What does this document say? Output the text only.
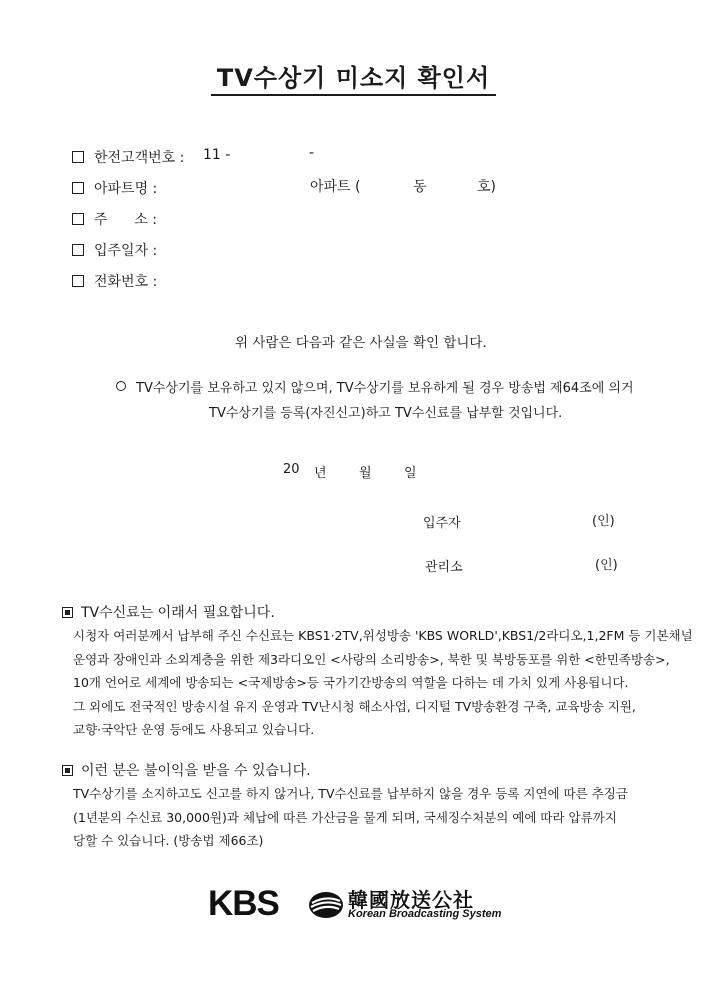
TV수상기 미소지 확인서
한전고객번호 : 11 -	-
아파트명 :	아파트 (	동	호)
주      소 :
입주일자 :
전화번호 :
위 사람은 다음과 같은 사실을 확인 합니다.
TV수상기를 보유하고 있지 않으며, TV수상기를 보유하게 될 경우 방송법 제64조에 의거
TV수상기를 등록(자진신고)하고 TV수신료를 납부할 것입니다.
20 년 월 일
입주자	(인)
관리소	(인)
TV수신료는 이래서 필요합니다.
시청자 여러분께서 납부해 주신 수신료는 KBS1·2TV,위성방송 'KBS WORLD',KBS1/2라디오,1,2FM 등 기본채널
운영과 장애인과 소외계층을 위한 제3라디오인 <사랑의 소리방송>, 북한 및 북방동포를 위한 <한민족방송>,
10개 언어로 세계에 방송되는 <국제방송>등 국가기간방송의 역할을 다하는 데 가치 있게 사용됩니다.
그 외에도 전국적인 방송시설 유지 운영과 TV난시청 해소사업, 디지털 TV방송환경 구축, 교육방송 지원,
교향·국악단 운영 등에도 사용되고 있습니다.
이런 분은 불이익을 받을 수 있습니다.
TV수상기를 소지하고도 신고를 하지 않거나, TV수신료를 납부하지 않을 경우 등록 지연에 따른 추징금
(1년분의 수신료 30,000원)과 체납에 따른 가산금을 물게 되며, 국세징수처분의 예에 따라 압류까지
당할 수 있습니다. (방송법 제66조)
KBS	韓國放送公社
Korean Broadcasting System
